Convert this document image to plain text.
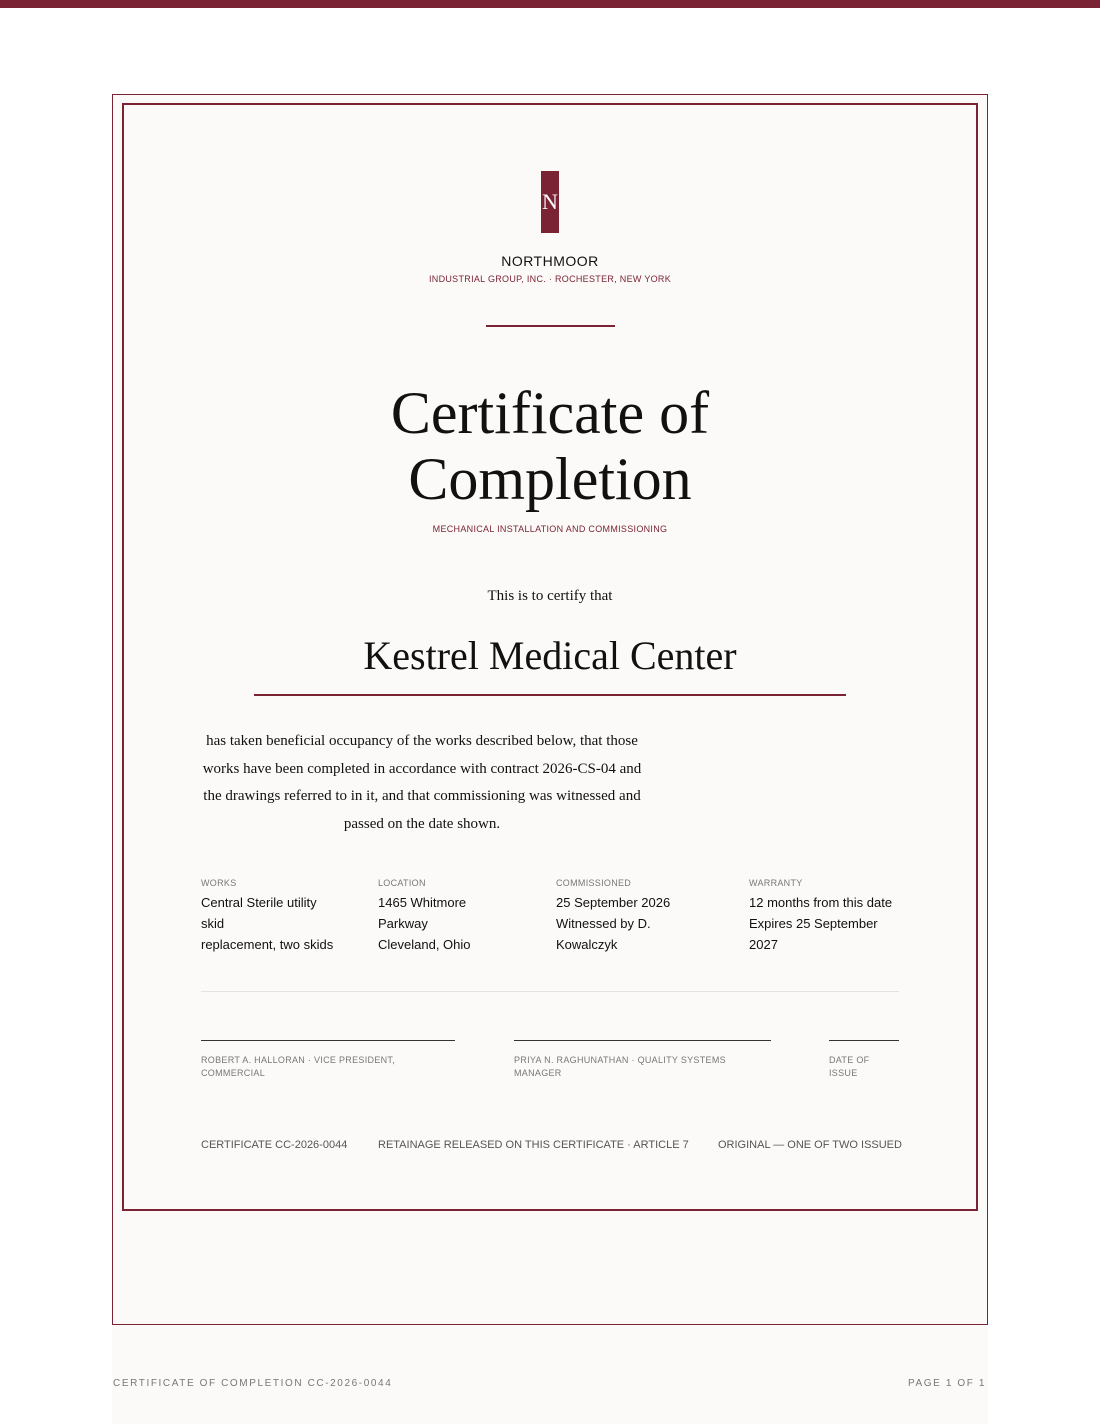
N
NORTHMOOR
INDUSTRIAL GROUP, INC. · ROCHESTER, NEW YORK
Certificate of
Completion
MECHANICAL INSTALLATION AND COMMISSIONING
This is to certify that
Kestrel Medical Center
has taken beneficial occupancy of the works described below, that those
works have been completed in accordance with contract 2026-CS-04 and
the drawings referred to in it, and that commissioning was witnessed and
passed on the date shown.
WORKS
Central Sterile utility
skid
replacement, two skids
LOCATION
1465 Whitmore
Parkway
Cleveland, Ohio
COMMISSIONED
25 September 2026
Witnessed by D.
Kowalczyk
WARRANTY
12 months from this date
Expires 25 September
2027
ROBERT A. HALLORAN · VICE PRESIDENT,
COMMERCIAL
PRIYA N. RAGHUNATHAN · QUALITY SYSTEMS
MANAGER
DATE OF
ISSUE
CERTIFICATE CC-2026-0044	RETAINAGE RELEASED ON THIS CERTIFICATE · ARTICLE 7	ORIGINAL — ONE OF TWO ISSUED
CERTIFICATE OF COMPLETION CC-2026-0044	PAGE 1 OF 1
